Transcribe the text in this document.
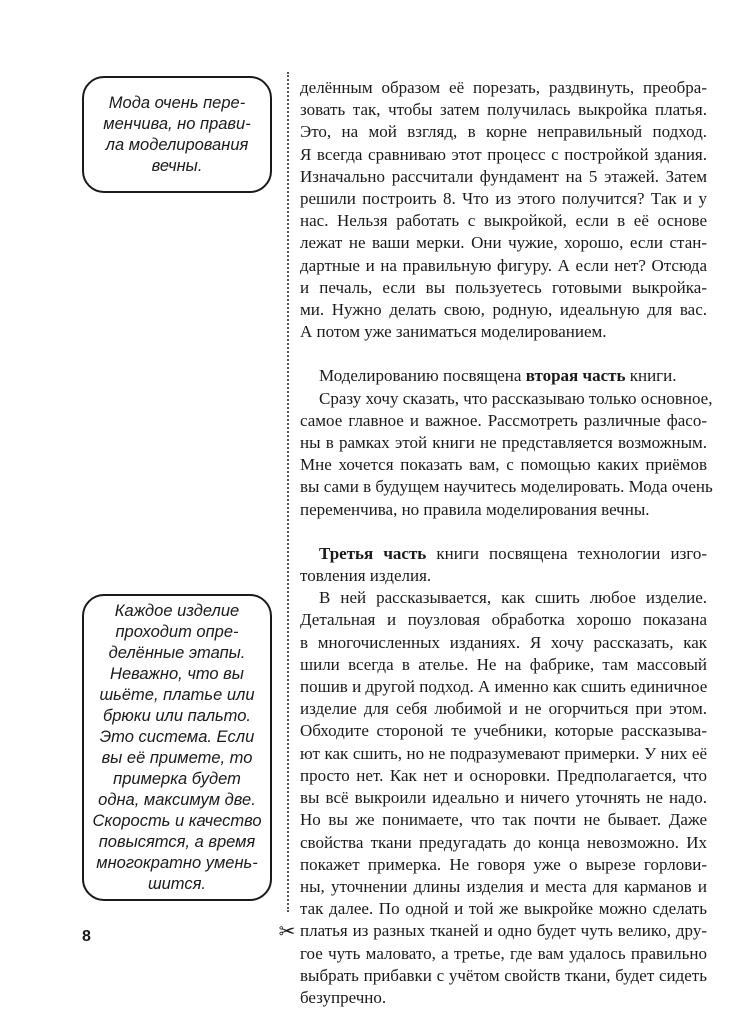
Мода очень пере-
менчива, но прави-
ла моделирования
вечны.
Каждое изделие
проходит опре-
делённые этапы.
Неважно, что вы
шьёте, платье или
брюки или пальто.
Это система. Если
вы её примете, то
примерка будет
одна, максимум две.
Скорость и качество
повысятся, а время
многократно умень-
шится.
✂
8
делённым образом её порезать, раздвинуть, преобра-
зовать так, чтобы затем получилась выкройка платья.
Это, на мой взгляд, в корне неправильный подход.
Я всегда сравниваю этот процесс с постройкой здания.
Изначально рассчитали фундамент на 5 этажей. Затем
решили построить 8. Что из этого получится? Так и у
нас. Нельзя работать с выкройкой, если в её основе
лежат не ваши мерки. Они чужие, хорошо, если стан-
дартные и на правильную фигуру. А если нет? Отсюда
и печаль, если вы пользуетесь готовыми выкройка-
ми. Нужно делать свою, родную, идеальную для вас.
А потом уже заниматься моделированием.
Моделированию посвящена вторая часть книги.
Сразу хочу сказать, что рассказываю только основное,
самое главное и важное. Рассмотреть различные фасо-
ны в рамках этой книги не представляется возможным.
Мне хочется показать вам, с помощью каких приёмов
вы сами в будущем научитесь моделировать. Мода очень
переменчива, но правила моделирования вечны.
Третья часть книги посвящена технологии изго-
товления изделия.
В ней рассказывается, как сшить любое изделие.
Детальная и поузловая обработка хорошо показана
в многочисленных изданиях. Я хочу рассказать, как
шили всегда в ателье. Не на фабрике, там массовый
пошив и другой подход. А именно как сшить единичное
изделие для себя любимой и не огорчиться при этом.
Обходите стороной те учебники, которые рассказыва-
ют как сшить, но не подразумевают примерки. У них её
просто нет. Как нет и осноровки. Предполагается, что
вы всё выкроили идеально и ничего уточнять не надо.
Но вы же понимаете, что так почти не бывает. Даже
свойства ткани предугадать до конца невозможно. Их
покажет примерка. Не говоря уже о вырезе горлови-
ны, уточнении длины изделия и места для карманов и
так далее. По одной и той же выкройке можно сделать
платья из разных тканей и одно будет чуть велико, дру-
гое чуть маловато, а третье, где вам удалось правильно
выбрать прибавки с учётом свойств ткани, будет сидеть
безупречно.
